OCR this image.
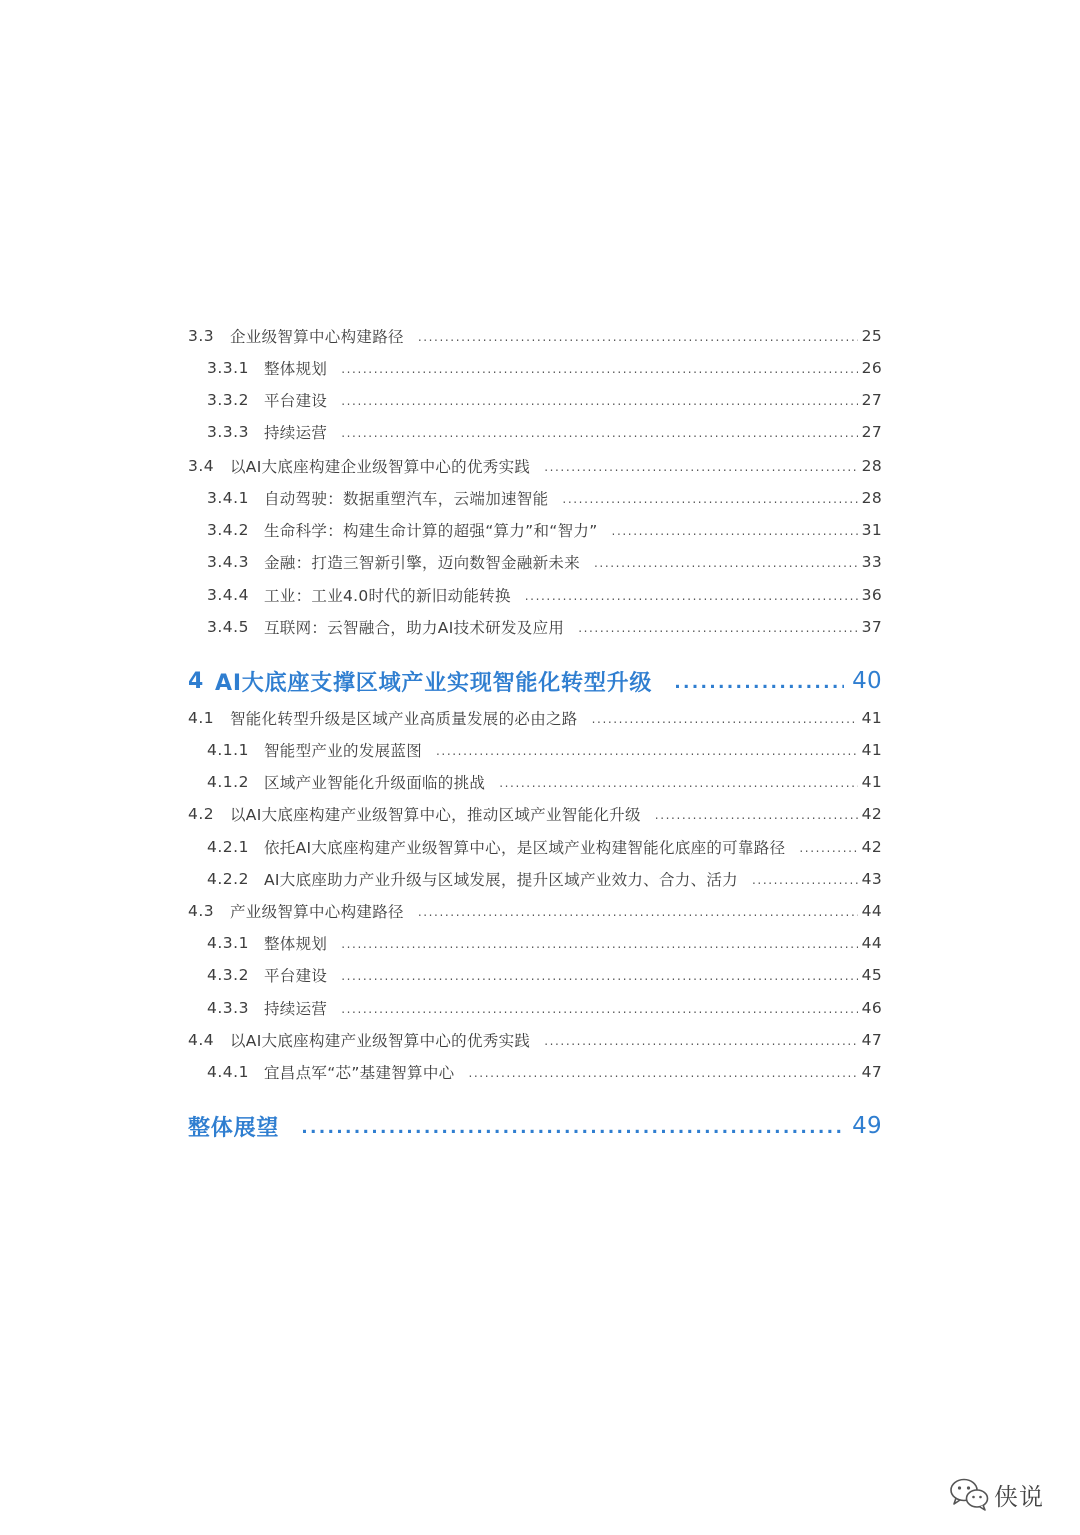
3.3	企业级智算中心构建路径 .....	25
3.3.1 整体规划 .....	26
3.3.2 平台建设 .....	27
3.3.3 持续运营 .....	27
3.4	以AI大底座构建企业级智算中心的优秀实践 .....	28
3.4.1 自动驾驶：数据重塑汽车，云端加速智能 .....	28
3.4.2 生命科学：构建生命计算的超强“算力”和“智力” .....	31
3.4.3 金融：打造三智新引擎，迈向数智金融新未来 .....	33
3.4.4 工业：工业4.0时代的新旧动能转换 .....	36
3.4.5 互联网：云智融合，助力AI技术研发及应用 .....	37
4 AI大底座支撑区域产业实现智能化转型升级 .....	40
4.1	智能化转型升级是区域产业高质量发展的必由之路 .....	41
4.1.1 智能型产业的发展蓝图 .....	41
4.1.2 区域产业智能化升级面临的挑战 .....	41
4.2	以AI大底座构建产业级智算中心，推动区域产业智能化升级 .....	42
4.2.1 依托AI大底座构建产业级智算中心，是区域产业构建智能化底座的可靠路径 .....	42
4.2.2 AI大底座助力产业升级与区域发展，提升区域产业效力、合力、活力 .....	43
4.3	产业级智算中心构建路径 .....	44
4.3.1 整体规划 .....	44
4.3.2 平台建设 .....	45
4.3.3 持续运营 .....	46
4.4	以AI大底座构建产业级智算中心的优秀实践 .....	47
4.4.1 宜昌点军“芯”基建智算中心 .....	47
整体展望 .....	49
侠说
